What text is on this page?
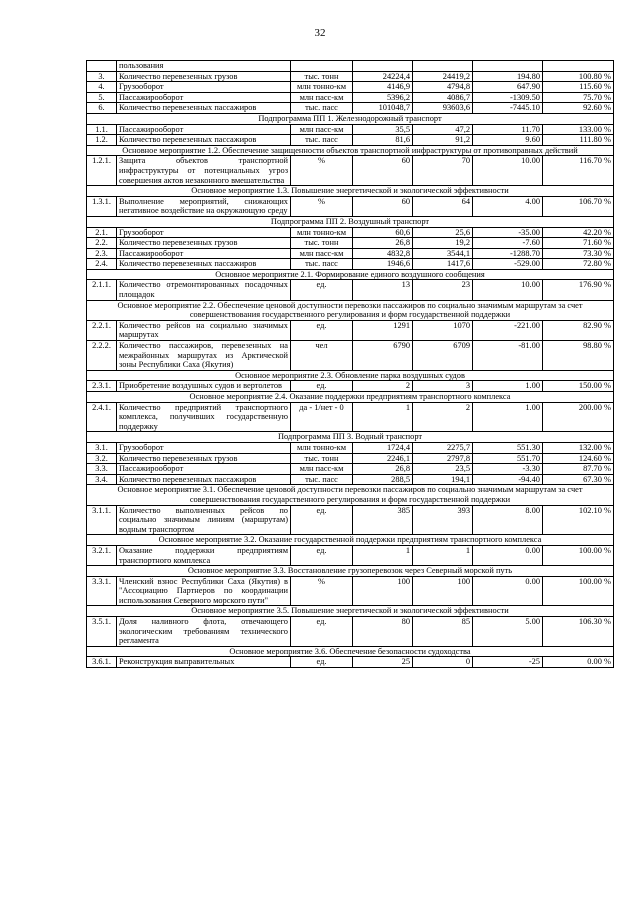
32
	пользования					
3.	Количество перевезенных грузов	тыс. тонн	24224,4	24419,2	194.80	100.80 %
4.	Грузооборот	млн тонно-км	4146,9	4794,8	647.90	115.60 %
5.	Пассажирооборот	млн пасс-км	5396,2	4086,7	-1309.50	75.70 %
6.	Количество перевезенных пассажиров	тыс. пасс	101048,7	93603,6	-7445.10	92.60 %
Подпрограмма ПП 1. Железнодорожный транспорт						
1.1.	Пассажирооборот	млн пасс-км	35,5	47,2	11.70	133.00 %
1.2.	Количество перевезенных пассажиров	тыс. пасс	81,6	91,2	9.60	111.80 %
Основное мероприятие 1.2. Обеспечение защищенности объектов транспортной инфраструктуры от противоправных действий						
1.2.1.	Защита объектов транспортной инфраструктуры от потенциальных угроз совершения актов незаконного вмешательства	%	60	70	10.00	116.70 %
Основное мероприятие 1.3. Повышение энергетической и экологической эффективности						
1.3.1.	Выполнение мероприятий, снижающих негативное воздействие на окружающую среду	%	60	64	4.00	106.70 %
Подпрограмма ПП 2. Воздушный транспорт						
2.1.	Грузооборот	млн тонно-км	60,6	25,6	-35.00	42.20 %
2.2.	Количество перевезенных грузов	тыс. тонн	26,8	19,2	-7.60	71.60 %
2.3.	Пассажирооборот	млн пасс-км	4832,8	3544,1	-1288.70	73.30 %
2.4.	Количество перевезенных пассажиров	тыс. пасс	1946,6	1417,6	-529.00	72.80 %
Основное мероприятие 2.1. Формирование единого воздушного сообщения						
2.1.1.	Количество отремонтированных посадочных площадок	ед.	13	23	10.00	176.90 %
Основное мероприятие 2.2. Обеспечение ценовой доступности перевозки пассажиров по социально значимым маршрутам за счет совершенствования государственного регулирования и форм государственной поддержки						
2.2.1.	Количество рейсов на социально значимых маршрутах	ед.	1291	1070	-221.00	82.90 %
2.2.2.	Количество пассажиров, перевезенных на межрайонных маршрутах из Арктической зоны Республики Саха (Якутия)	чел	6790	6709	-81.00	98.80 %
Основное мероприятие 2.3. Обновление парка воздушных судов						
2.3.1.	Приобретение воздушных судов и вертолетов	ед.	2	3	1.00	150.00 %
Основное мероприятие 2.4. Оказание поддержки предприятиям транспортного комплекса						
2.4.1.	Количество предприятий транспортного комплекса, получивших государственную поддержку	да - 1/нет - 0	1	2	1.00	200.00 %
Подпрограмма ПП 3. Водный транспорт						
3.1.	Грузооборот	млн тонно-км	1724,4	2275,7	551.30	132.00 %
3.2.	Количество перевезенных грузов	тыс. тонн	2246,1	2797,8	551.70	124.60 %
3.3.	Пассажирооборот	млн пасс-км	26,8	23,5	-3.30	87.70 %
3.4.	Количество перевезенных пассажиров	тыс. пасс	288,5	194,1	-94.40	67.30 %
Основное мероприятие 3.1. Обеспечение ценовой доступности перевозки пассажиров по социально значимым маршрутам за счет совершенствования государственного регулирования и форм государственной поддержки						
3.1.1.	Количество выполненных рейсов по социально значимым линиям (маршрутам) водным транспортом	ед.	385	393	8.00	102.10 %
Основное мероприятие 3.2. Оказание государственной поддержки предприятиям транспортного комплекса						
3.2.1.	Оказание поддержки предприятиям транспортного комплекса	ед.	1	1	0.00	100.00 %
Основное мероприятие 3.3. Восстановление грузоперевозок через Северный морской путь						
3.3.1.	Членский взнос Республики Саха (Якутия) в "Ассоциацию Партнеров по координации использования Северного морского пути"	%	100	100	0.00	100.00 %
Основное мероприятие 3.5. Повышение энергетической и экологической эффективности						
3.5.1.	Доля наливного флота, отвечающего экологическим требованиям технического регламента	ед.	80	85	5.00	106.30 %
Основное мероприятие 3.6. Обеспечение безопасности судоходства						
3.6.1.	Реконструкция выправительных	ед.	25	0	-25	0.00 %
